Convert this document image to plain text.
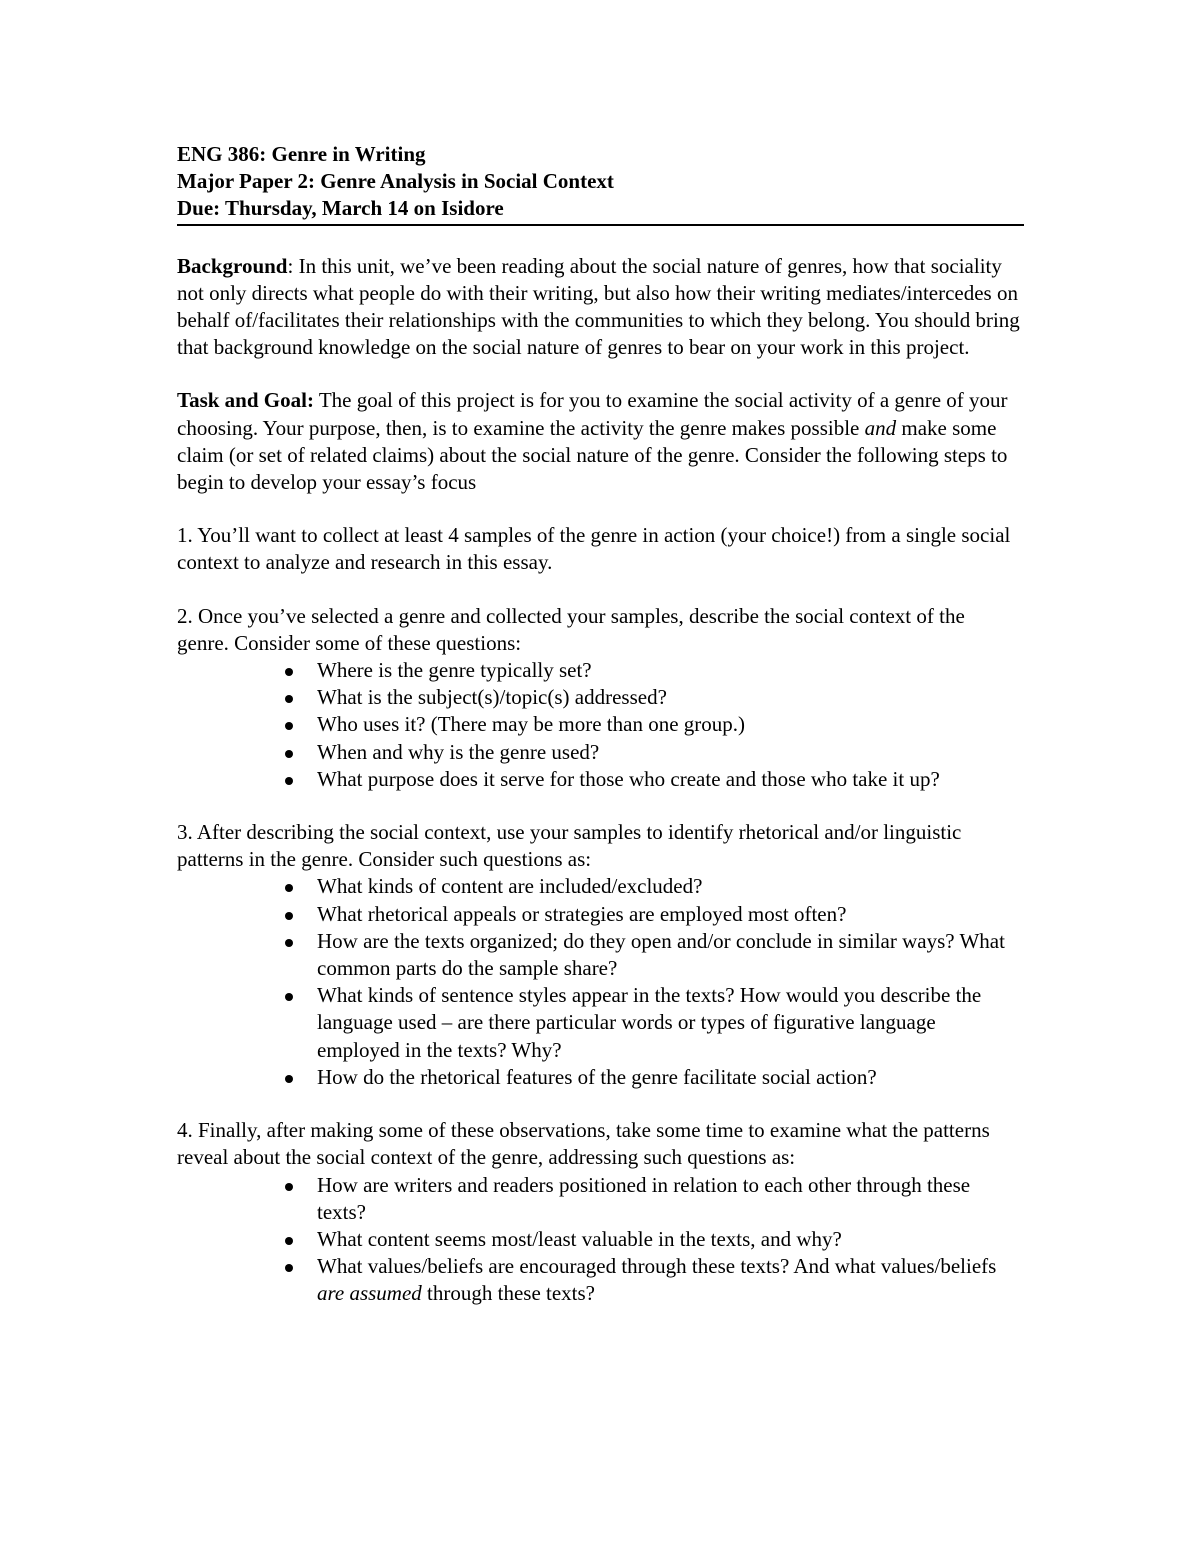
ENG 386: Genre in Writing
Major Paper 2: Genre Analysis in Social Context
Due: Thursday, March 14 on Isidore

Background: In this unit, we’ve been reading about the social nature of genres, how that sociality not only directs what people do with their writing, but also how their writing mediates/intercedes on behalf of/facilitates their relationships with the communities to which they belong. You should bring that background knowledge on the social nature of genres to bear on your work in this project.

Task and Goal: The goal of this project is for you to examine the social activity of a genre of your choosing. Your purpose, then, is to examine the activity the genre makes possible and make some claim (or set of related claims) about the social nature of the genre. Consider the following steps to begin to develop your essay’s focus

1. You’ll want to collect at least 4 samples of the genre in action (your choice!) from a single social context to analyze and research in this essay.

2. Once you’ve selected a genre and collected your samples, describe the social context of the genre. Consider some of these questions:
Where is the genre typically set?
What is the subject(s)/topic(s) addressed?
Who uses it? (There may be more than one group.)
When and why is the genre used?
What purpose does it serve for those who create and those who take it up?
3. After describing the social context, use your samples to identify rhetorical and/or linguistic patterns in the genre. Consider such questions as:
What kinds of content are included/excluded?
What rhetorical appeals or strategies are employed most often?
How are the texts organized; do they open and/or conclude in similar ways? What common parts do the sample share?
What kinds of sentence styles appear in the texts? How would you describe the language used – are there particular words or types of figurative language employed in the texts? Why?
How do the rhetorical features of the genre facilitate social action?
4. Finally, after making some of these observations, take some time to examine what the patterns reveal about the social context of the genre, addressing such questions as:
How are writers and readers positioned in relation to each other through these texts?
What content seems most/least valuable in the texts, and why?
What values/beliefs are encouraged through these texts? And what values/beliefs are assumed through these texts?
